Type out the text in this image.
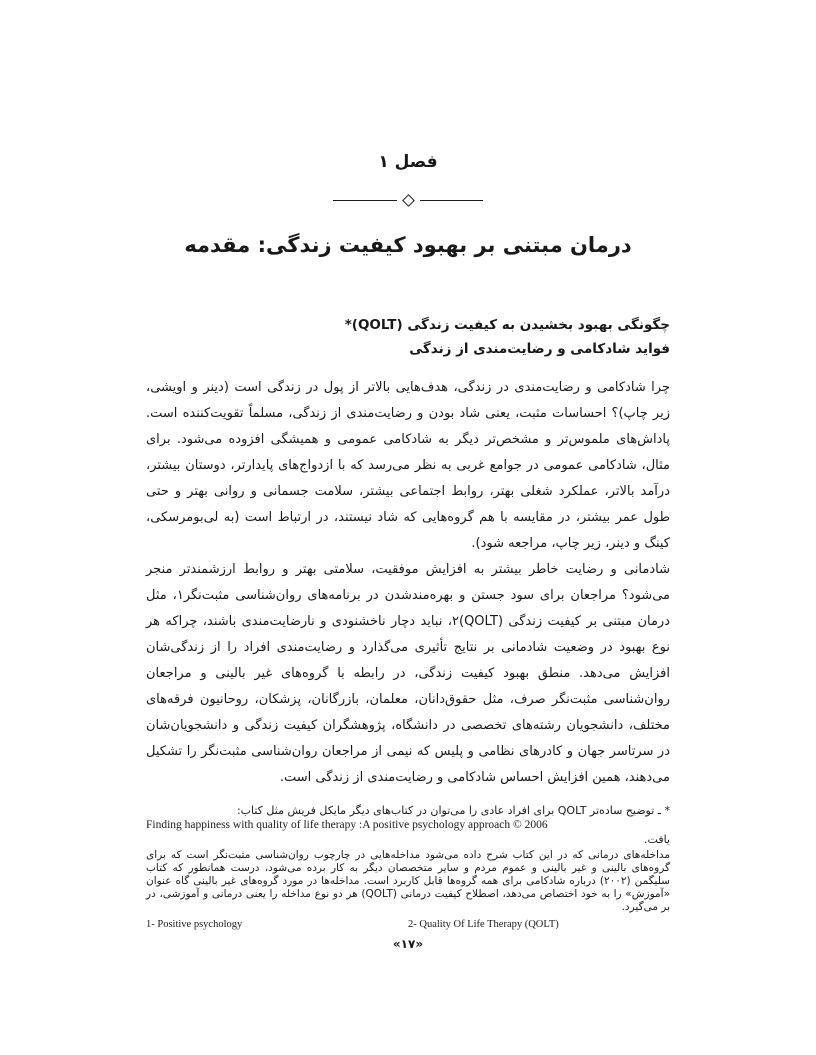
فصل ۱
درمان مبتنی بر بهبود کیفیت زندگی: مقدمه
چگونگی بهبود بخشیدن به کیفیت زندگی (QOLT)*
فواید شادکامی و رضایت‌مندی از زندگی

چرا شادکامی و رضایت‌مندی در زندگی، هدف‌هایی بالاتر از پول در زندگی است (دینر و اویشی، زیر چاپ)؟ احساسات مثبت، یعنی شاد بودن و رضایت‌مندی از زندگی، مسلماً تقویت‌کننده است. پاداش‌های ملموس‌تر و مشخص‌تر دیگر به شادکامی عمومی و همیشگی افزوده می‌شود. برای مثال، شادکامی عمومی در جوامع غربی به نظر می‌رسد که با ازدواج‌های پایدارتر، دوستان بیشتر، درآمد بالاتر، عملکرد شغلی بهتر، روابط اجتماعی بیشتر، سلامت جسمانی و روانی بهتر و حتی طول عمر بیشتر، در مقایسه با هم گروه‌هایی که شاد نیستند، در ارتباط است (به لی‌بومرسکی، کینگ و دینر، زیر چاپ، مراجعه شود).

شادمانی و رضایت خاطر بیشتر به افزایش موفقیت، سلامتی بهتر و روابط ارزشمندتر منجر می‌شود؟ مراجعان برای سود جستن و بهره‌مندشدن در برنامه‌های روان‌شناسی مثبت‌نگر۱، مثل درمان مبتنی بر کیفیت زندگی (QOLT)۲، نباید دچار ناخشنودی و نارضایت‌مندی باشند، چراکه هر نوع بهبود در وضعیت شادمانی بر نتایج تأثیری می‌گذارد و رضایت‌مندی افراد را از زندگی‌شان افزایش می‌دهد. منطق بهبود کیفیت زندگی، در رابطه با گروه‌های غیر بالینی و مراجعان روان‌شناسی مثبت‌نگر صرف، مثل حقوق‌دانان، معلمان، بازرگانان، پزشکان، روحانیون فرقه‌های مختلف، دانشجویان رشته‌های تخصصی در دانشگاه، پژوهشگران کیفیت زندگی و دانشجویان‌شان در سرتاسر جهان و کادرهای نظامی و پلیس که نیمی از مراجعان روان‌شناسی مثبت‌نگر را تشکیل می‌دهند، همین افزایش احساس شادکامی و رضایت‌مندی از زندگی است.

* ـ توضیح ساده‌تر QOLT برای افراد عادی را می‌توان در کتاب‌های دیگر مایکل فریش مثل کتاب:
Finding happiness with quality of life therapy :A positive psychology approach © 2006
یافت.

مداخله‌های درمانی که در این کتاب شرح داده می‌شود مداخله‌هایی در چارچوب روان‌شناسی مثبت‌نگر است که برای گروه‌های بالینی و غیر بالینی و عموم مردم و سایر متخصصان دیگر به کار برده می‌شود، درست همانطور که کتاب سلیگمن (۲۰۰۲) درباره شادکامی برای همه گروه‌ها قابل کاربرد است. مداخله‌ها در مورد گروه‌های غیر بالینی گاه عنوان «آموزش» را به خود اختصاص می‌دهد، اصطلاح کیفیت درمانی (QOLT) هر دو نوع مداخله را یعنی درمانی و آموزشی، در بر می‌گیرد.

1- Positive psychology	2- Quality Of Life Therapy (QOLT)
«۱۷»
